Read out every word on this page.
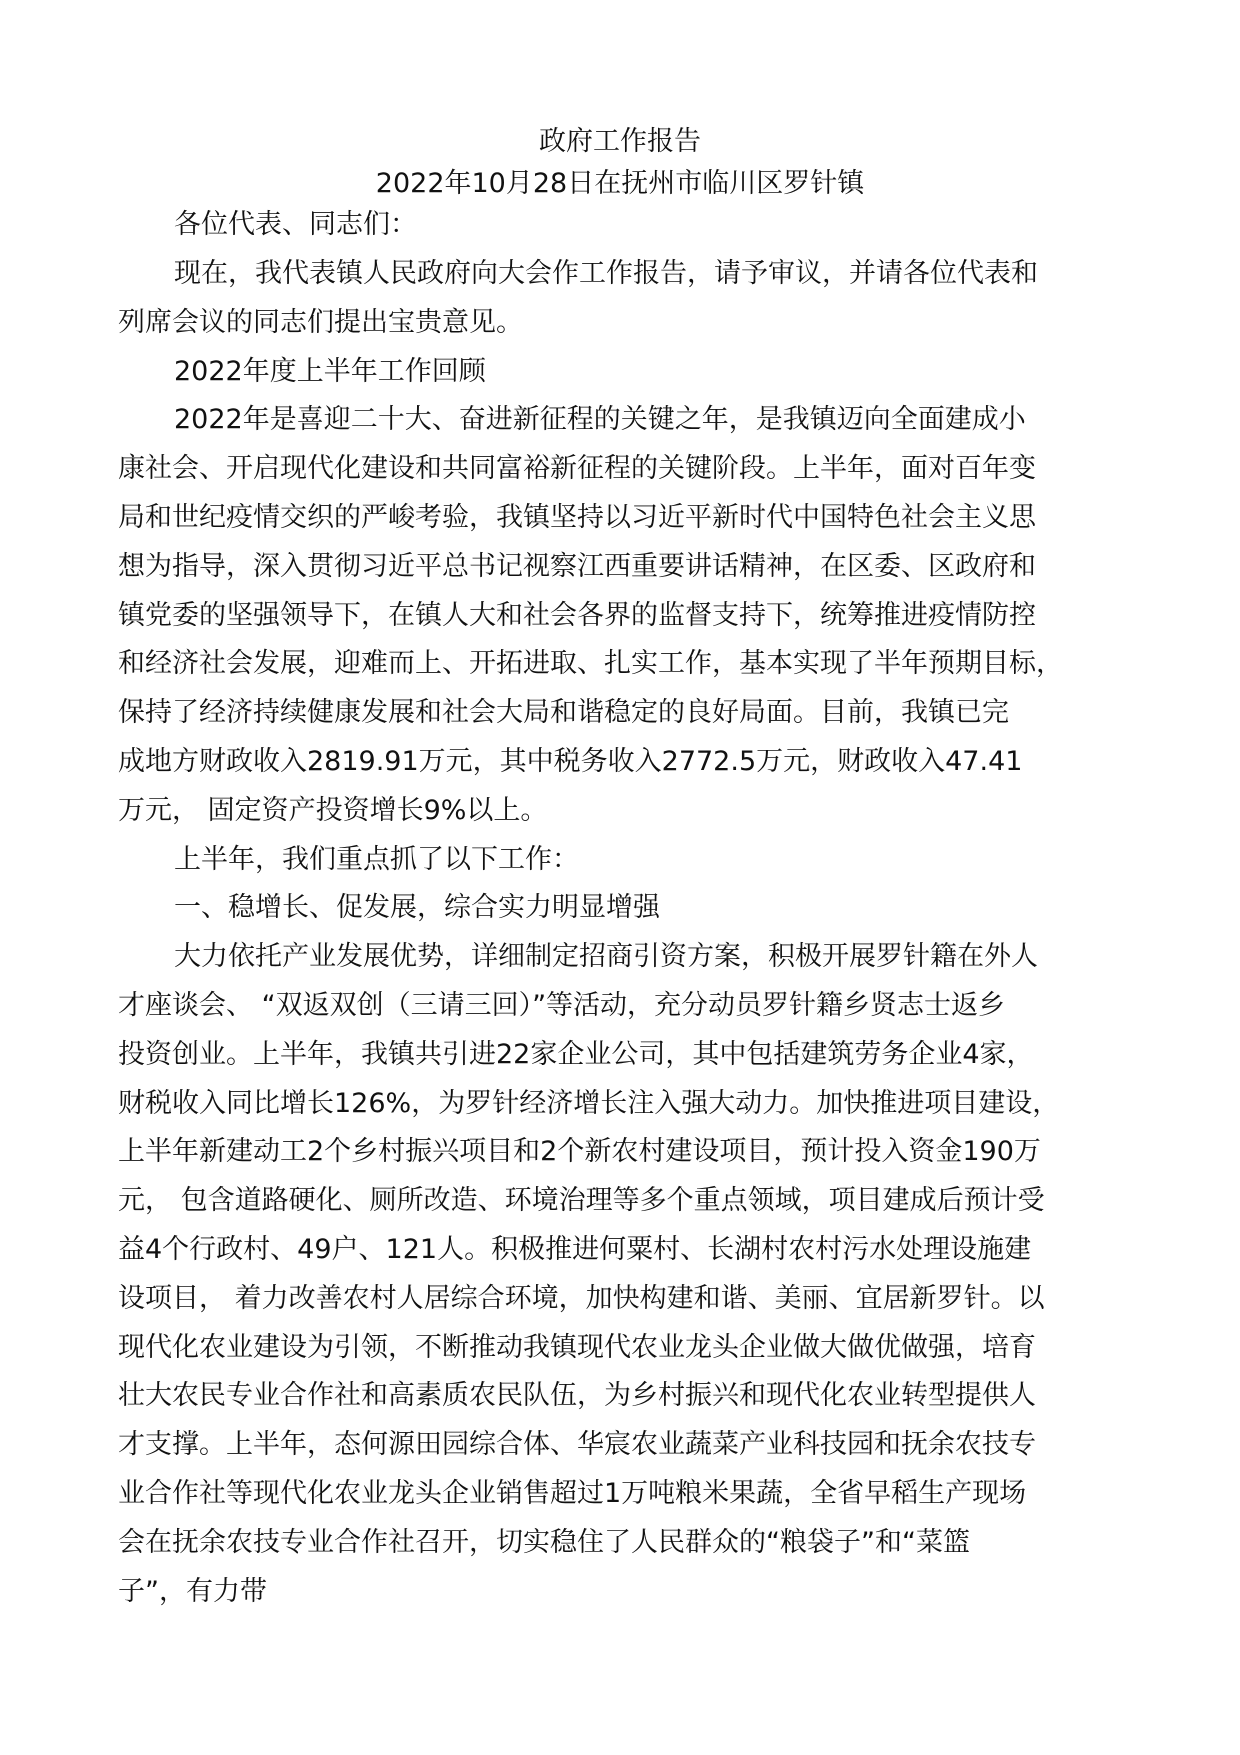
政府工作报告
2022年10月28日在抚州市临川区罗针镇
各位代表、同志们：
现在，我代表镇人民政府向大会作工作报告，请予审议，并请各位代表和
列席会议的同志们提出宝贵意见。
2022年度上半年工作回顾
2022年是喜迎二十大、奋进新征程的关键之年，是我镇迈向全面建成小
康社会、开启现代化建设和共同富裕新征程的关键阶段。上半年，面对百年变
局和世纪疫情交织的严峻考验，我镇坚持以习近平新时代中国特色社会主义思
想为指导，深入贯彻习近平总书记视察江西重要讲话精神，在区委、区政府和
镇党委的坚强领导下，在镇人大和社会各界的监督支持下，统筹推进疫情防控
和经济社会发展，迎难而上、开拓进取、扎实工作，基本实现了半年预期目标，
保持了经济持续健康发展和社会大局和谐稳定的良好局面。目前，我镇已完
成地方财政收入2819.91万元，其中税务收入2772.5万元，财政收入47.41
万元， 固定资产投资增长9%以上。
上半年，我们重点抓了以下工作：
一、稳增长、促发展，综合实力明显增强
大力依托产业发展优势，详细制定招商引资方案，积极开展罗针籍在外人
才座谈会、 “双返双创（三请三回）”等活动，充分动员罗针籍乡贤志士返乡
投资创业。上半年，我镇共引进22家企业公司，其中包括建筑劳务企业4家，
财税收入同比增长126%，为罗针经济增长注入强大动力。加快推进项目建设，
上半年新建动工2个乡村振兴项目和2个新农村建设项目，预计投入资金190万
元， 包含道路硬化、厕所改造、环境治理等多个重点领域，项目建成后预计受
益4个行政村、49户、121人。积极推进何粟村、长湖村农村污水处理设施建
设项目， 着力改善农村人居综合环境，加快构建和谐、美丽、宜居新罗针。以
现代化农业建设为引领，不断推动我镇现代农业龙头企业做大做优做强，培育
壮大农民专业合作社和高素质农民队伍，为乡村振兴和现代化农业转型提供人
才支撑。上半年，态何源田园综合体、华宸农业蔬菜产业科技园和抚余农技专
业合作社等现代化农业龙头企业销售超过1万吨粮米果蔬，全省早稻生产现场
会在抚余农技专业合作社召开，切实稳住了人民群众的“粮袋子”和“菜篮
子”，有力带
